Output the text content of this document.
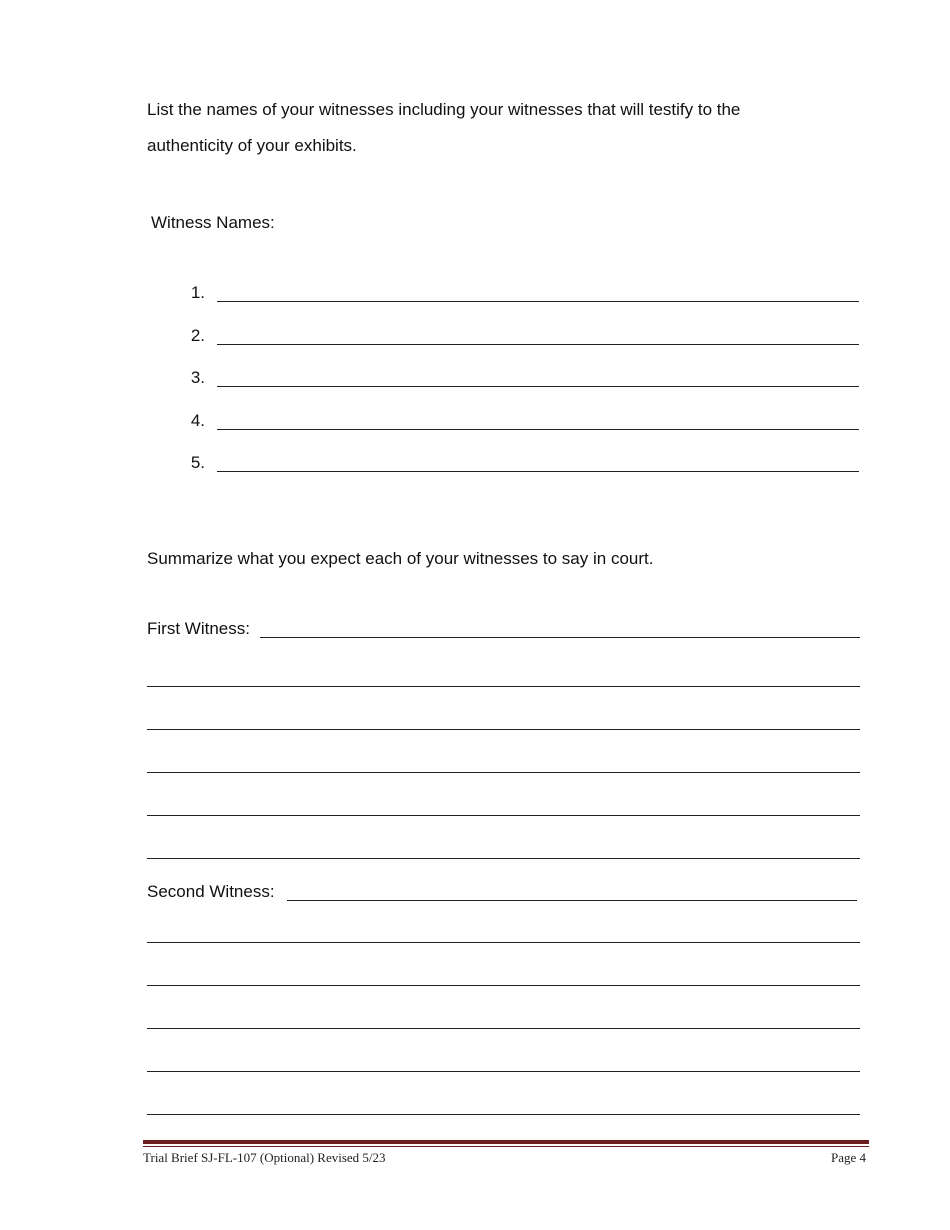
List the names of your witnesses including your witnesses that will testify to the
authenticity of your exhibits.
Witness Names:
1.
2.
3.
4.
5.
Summarize what you expect each of your witnesses to say in court.
First Witness:
Second Witness:
Trial Brief SJ-FL-107 (Optional) Revised 5/23	Page 4
